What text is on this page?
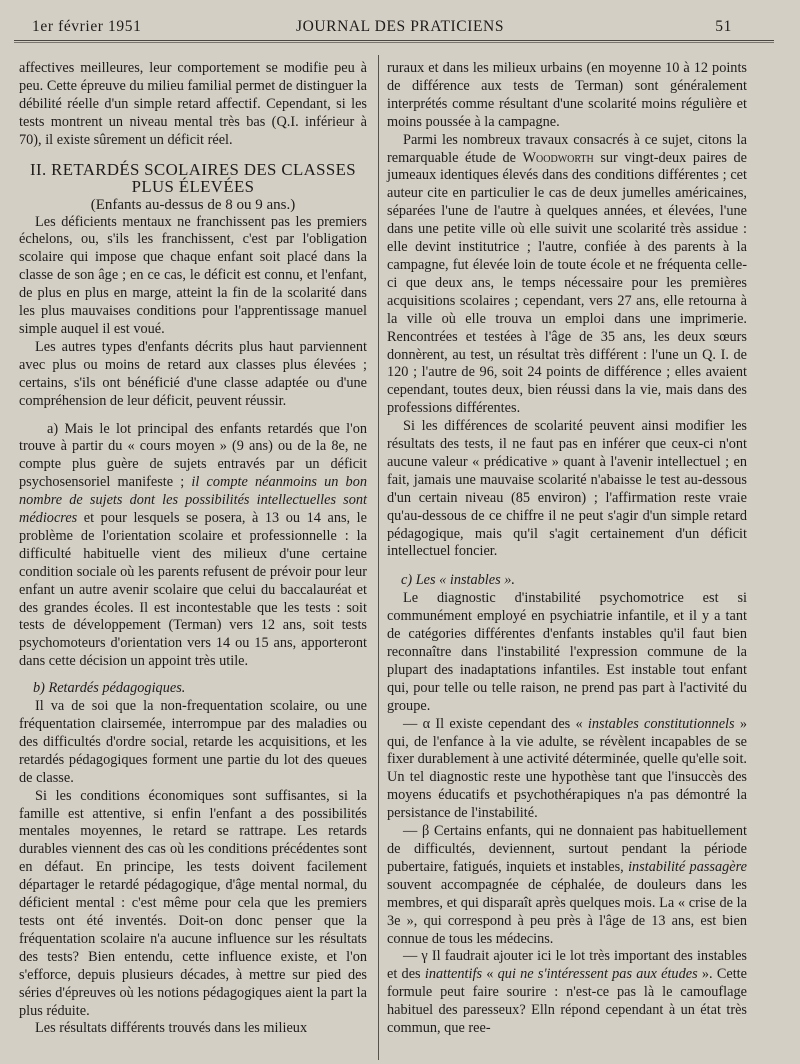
1er février 1951	JOURNAL DES PRATICIENS	51

affectives meilleures, leur comportement se modifie peu à peu. Cette épreuve du milieu familial permet de distinguer la débilité réelle d'un simple retard affectif. Cependant, si les tests montrent un niveau mental très bas (Q.I. inférieur à 70), il existe sûrement un déficit réel.

II. RETARDÉS SCOLAIRES DES CLASSES
PLUS ÉLEVÉES
(Enfants au-dessus de 8 ou 9 ans.)

Les déficients mentaux ne franchissent pas les premiers échelons, ou, s'ils les franchissent, c'est par l'obligation scolaire qui impose que chaque enfant soit placé dans la classe de son âge ; en ce cas, le déficit est connu, et l'enfant, de plus en plus en marge, atteint la fin de la scolarité dans les plus mauvaises conditions pour l'apprentissage manuel simple auquel il est voué.

Les autres types d'enfants décrits plus haut parviennent avec plus ou moins de retard aux classes plus élevées ; certains, s'ils ont bénéficié d'une classe adaptée ou d'une compréhension de leur déficit, peuvent réussir.

a) Mais le lot principal des enfants retardés que l'on trouve à partir du « cours moyen » (9 ans) ou de la 8e, ne compte plus guère de sujets entravés par un déficit psychosensoriel manifeste ; il compte néanmoins un bon nombre de sujets dont les possibilités intellectuelles sont médiocres et pour lesquels se posera, à 13 ou 14 ans, le problème de l'orientation scolaire et professionnelle : la difficulté habituelle vient des milieux d'une certaine condition sociale où les parents refusent de prévoir pour leur enfant un autre avenir scolaire que celui du baccalauréat et des grandes écoles. Il est incontestable que les tests : soit tests de développement (Terman) vers 12 ans, soit tests psychomoteurs d'orientation vers 14 ou 15 ans, apporteront dans cette décision un appoint très utile.

b) Retardés pédagogiques.

Il va de soi que la non-frequentation scolaire, ou une fréquentation clairsemée, interrompue par des maladies ou des difficultés d'ordre social, retarde les acquisitions, et les retardés pédagogiques forment une partie du lot des queues de classe.

Si les conditions économiques sont suffisantes, si la famille est attentive, si enfin l'enfant a des possibilités mentales moyennes, le retard se rattrape. Les retards durables viennent des cas où les conditions précédentes sont en défaut. En principe, les tests doivent facilement départager le retardé pédagogique, d'âge mental normal, du déficient mental : c'est même pour cela que les premiers tests ont été inventés. Doit-on donc penser que la fréquentation scolaire n'a aucune influence sur les résultats des tests? Bien entendu, cette influence existe, et l'on s'efforce, depuis plusieurs décades, à mettre sur pied des séries d'épreuves où les notions pédagogiques aient la part la plus réduite.

Les résultats différents trouvés dans les milieux

ruraux et dans les milieux urbains (en moyenne 10 à 12 points de différence aux tests de Terman) sont généralement interprétés comme résultant d'une scolarité moins régulière et moins poussée à la campagne.

Parmi les nombreux travaux consacrés à ce sujet, citons la remarquable étude de Woodworth sur vingt-deux paires de jumeaux identiques élevés dans des conditions différentes ; cet auteur cite en particulier le cas de deux jumelles américaines, séparées l'une de l'autre à quelques années, et élevées, l'une dans une petite ville où elle suivit une scolarité très assidue : elle devint institutrice ; l'autre, confiée à des parents à la campagne, fut élevée loin de toute école et ne fréquenta celle-ci que deux ans, le temps nécessaire pour les premières acquisitions scolaires ; cependant, vers 27 ans, elle retourna à la ville où elle trouva un emploi dans une imprimerie. Rencontrées et testées à l'âge de 35 ans, les deux sœurs donnèrent, au test, un résultat très différent : l'une un Q. I. de 120 ; l'autre de 96, soit 24 points de différence ; elles avaient cependant, toutes deux, bien réussi dans la vie, mais dans des professions différentes.

Si les différences de scolarité peuvent ainsi modifier les résultats des tests, il ne faut pas en inférer que ceux-ci n'ont aucune valeur « prédicative » quant à l'avenir intellectuel ; en fait, jamais une mauvaise scolarité n'abaisse le test au-dessous d'un certain niveau (85 environ) ; l'affirmation reste vraie qu'au-dessous de ce chiffre il ne peut s'agir d'un simple retard pédagogique, mais qu'il s'agit certainement d'un déficit intellectuel foncier.

c) Les « instables ».

Le diagnostic d'instabilité psychomotrice est si communément employé en psychiatrie infantile, et il y a tant de catégories différentes d'enfants instables qu'il faut bien reconnaître dans l'instabilité l'expression commune de la plupart des inadaptations infantiles. Est instable tout enfant qui, pour telle ou telle raison, ne prend pas part à l'activité du groupe.

— α Il existe cependant des « instables constitutionnels » qui, de l'enfance à la vie adulte, se révèlent incapables de se fixer durablement à une activité déterminée, quelle qu'elle soit. Un tel diagnostic reste une hypothèse tant que l'insuccès des moyens éducatifs et psychothérapiques n'a pas démontré la persistance de l'instabilité.

— β Certains enfants, qui ne donnaient pas habituellement de difficultés, deviennent, surtout pendant la période pubertaire, fatigués, inquiets et instables, instabilité passagère souvent accompagnée de céphalée, de douleurs dans les membres, et qui disparaît après quelques mois. La « crise de la 3e », qui correspond à peu près à l'âge de 13 ans, est bien connue de tous les médecins.

— γ Il faudrait ajouter ici le lot très important des instables et des inattentifs « qui ne s'intéressent pas aux études ». Cette formule peut faire sourire : n'est-ce pas là le camouflage habituel des paresseux? Elln répond cependant à un état très commun, que ree-
